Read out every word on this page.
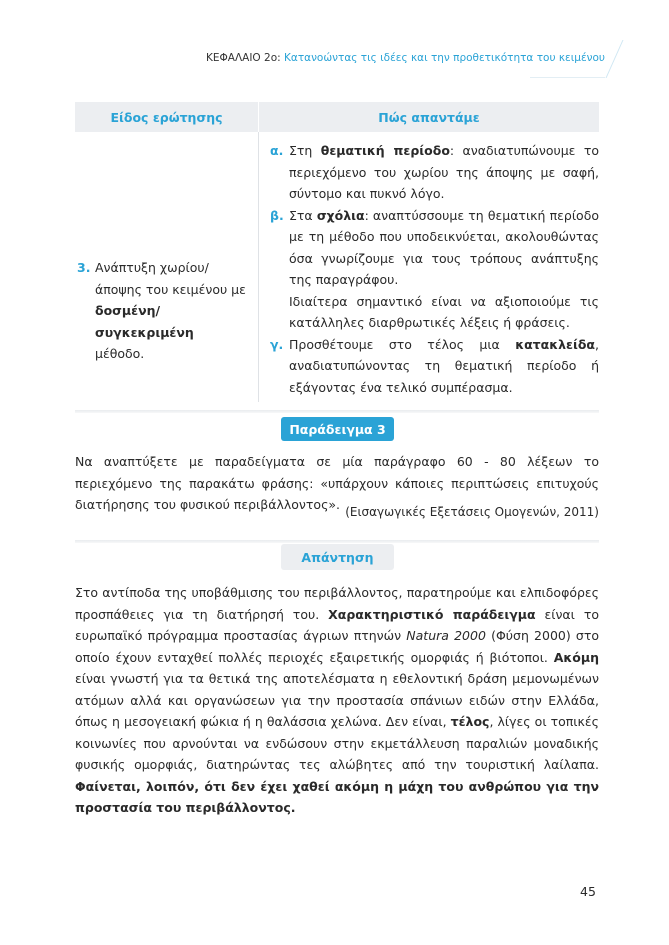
ΚΕΦΑΛΑΙΟ 2ο: Κατανοώντας τις ιδέες και την προθετικότητα του κειμένου
Είδος ερώτησης	Πώς απαντάμε
3. Ανάπτυξη χωρίου/
άποψης του κειμένου με
δοσμένη/συγκεκριμένη
μέθοδο.
α. Στη θεματική περίοδο: αναδιατυπώνουμε το περιεχόμενο του χωρίου της άποψης με σαφή, σύντομο και πυκνό λόγο.
β. Στα σχόλια: αναπτύσσουμε τη θεματική περίοδο με τη μέθοδο που υποδεικνύεται, ακολουθώντας όσα γνωρίζουμε για τους τρόπους ανάπτυξης της παραγράφου.
Ιδιαίτερα σημαντικό είναι να αξιοποιούμε τις κατάλληλες διαρθρωτικές λέξεις ή φράσεις.
γ. Προσθέτουμε στο τέλος μια κατακλείδα, αναδιατυπώνοντας τη θεματική περίοδο ή εξάγοντας ένα τελικό συμπέρασμα.
Παράδειγμα 3
Να αναπτύξετε με παραδείγματα σε μία παράγραφο 60 - 80 λέξεων το περιεχόμενο της παρακάτω φράσης: «υπάρχουν κάποιες περιπτώσεις επιτυχούς διατήρησης του φυσικού περιβάλλοντος». (Εισαγωγικές Εξετάσεις Ομογενών, 2011)
Απάντηση
Στο αντίποδα της υποβάθμισης του περιβάλλοντος, παρατηρούμε και ελπιδοφόρες προσπάθειες για τη διατήρησή του. Χαρακτηριστικό παράδειγμα είναι το ευρωπαϊκό πρόγραμμα προστασίας άγριων πτηνών Natura 2000 (Φύση 2000) στο οποίο έχουν ενταχθεί πολλές περιοχές εξαιρετικής ομορφιάς ή βιότοποι. Ακόμη είναι γνωστή για τα θετικά της αποτελέσματα η εθελοντική δράση μεμονωμένων ατόμων αλλά και οργανώσεων για την προστασία σπάνιων ειδών στην Ελλάδα, όπως η μεσογειακή φώκια ή η θαλάσσια χελώνα. Δεν είναι, τέλος, λίγες οι τοπικές κοινωνίες που αρνούνται να ενδώσουν στην εκμετάλλευση παραλιών μοναδικής φυσικής ομορφιάς, διατηρώντας τες αλώβητες από την τουριστική λαίλαπα. Φαίνεται, λοιπόν, ότι δεν έχει χαθεί ακόμη η μάχη του ανθρώπου για την προστασία του περιβάλλοντος.
45
